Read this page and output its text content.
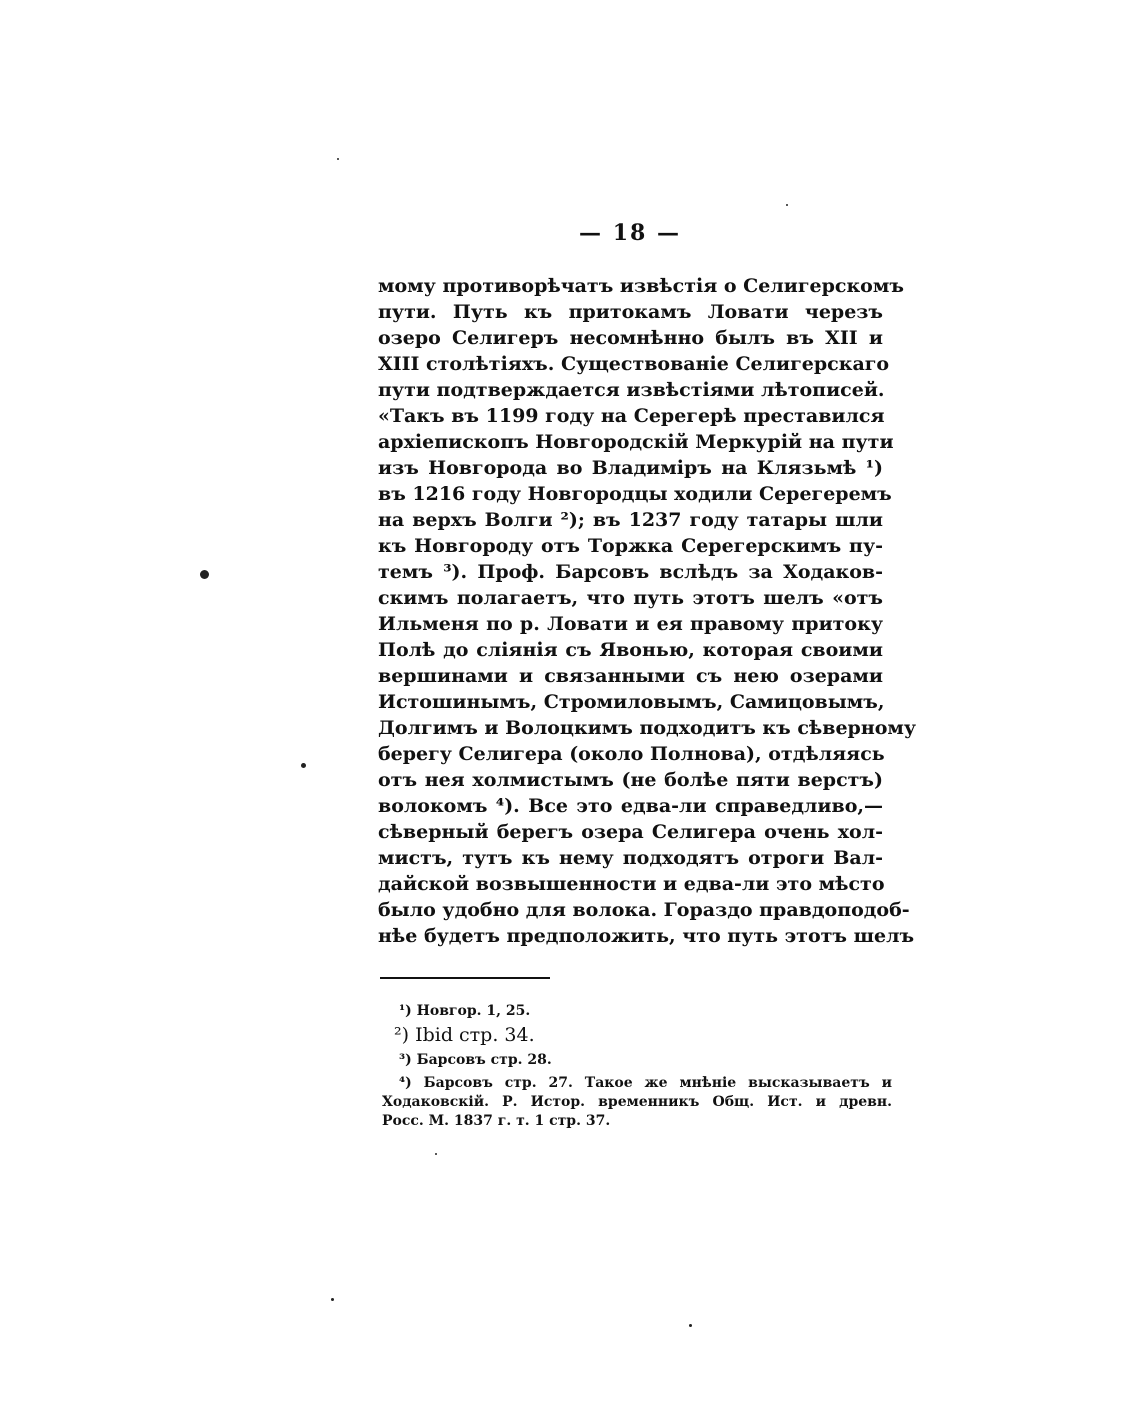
— 18 —
мому противорѣчатъ извѣстія о Селигерскомъ
пути. Путь къ притокамъ Ловати черезъ
озеро Селигеръ несомнѣнно былъ въ XII и
XIII столѣтіяхъ. Существованіе Селигерскаго
пути подтверждается извѣстіями лѣтописей.
«Такъ въ 1199 году на Серегерѣ преставился
архіепископъ Новгородскій Меркурій на пути
изъ Новгорода во Владиміръ на Клязьмѣ ¹)
въ 1216 году Новгородцы ходили Серегеремъ
на верхъ Волги ²); въ 1237 году татары шли
къ Новгороду отъ Торжка Серегерскимъ пу-
темъ ³). Проф. Барсовъ вслѣдъ за Ходаков-
скимъ полагаетъ, что путь этотъ шелъ «отъ
Ильменя по р. Ловати и ея правому притоку
Полѣ до сліянія съ Явонью, которая своими
вершинами и связанными съ нею озерами
Истошинымъ, Стромиловымъ, Самицовымъ,
Долгимъ и Волоцкимъ подходитъ къ сѣверному
берегу Селигера (около Полнова), отдѣляясь
отъ нея холмистымъ (не болѣе пяти верстъ)
волокомъ ⁴). Все это едва-ли справедливо,—
сѣверный берегъ озера Селигера очень хол-
мистъ, тутъ къ нему подходятъ отроги Вал-
дайской возвышенности и едва-ли это мѣсто
было удобно для волока. Гораздо правдоподоб-
нѣе будетъ предположить, что путь этотъ шелъ
¹) Новгор. 1, 25.
²) Ibid стр. 34.
³) Барсовъ стр. 28.
⁴) Барсовъ стр. 27. Такое же мнѣніе высказываетъ и
Ходаковскій. Р. Истор. временникъ Общ. Ист. и древн.
Росс. М. 1837 г. т. 1 стр. 37.
